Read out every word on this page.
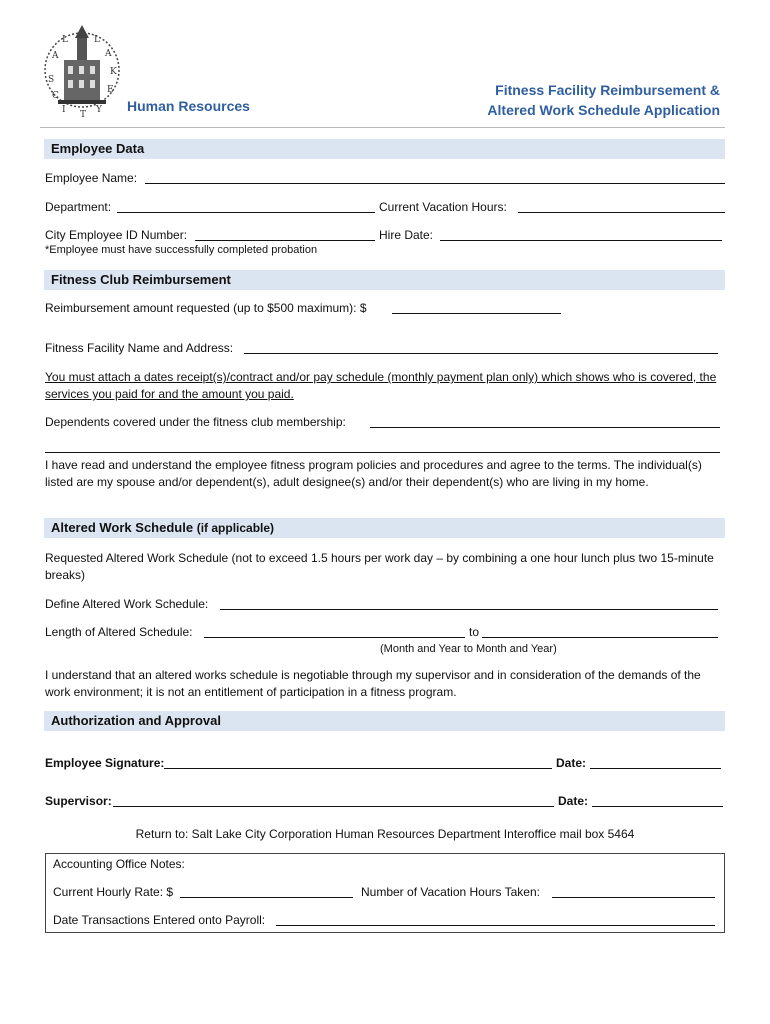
S
A
L	L
A
K
E
C
I	Y
T
Human Resources
Fitness Facility Reimbursement &
Altered Work Schedule Application
Employee Data
Employee Name:
Department:	Current Vacation Hours:
City Employee ID Number:	Hire Date:
*Employee must have successfully completed probation
Fitness Club Reimbursement
Reimbursement amount requested (up to $500 maximum): $
Fitness Facility Name and Address:
You must attach a dates receipt(s)/contract and/or pay schedule (monthly payment plan only) which shows who is covered, the services you paid for and the amount you paid.
Dependents covered under the fitness club membership:
I have read and understand the employee fitness program policies and procedures and agree to the terms. The individual(s) listed are my spouse and/or dependent(s), adult designee(s) and/or their dependent(s) who are living in my home.
Altered Work Schedule (if applicable)
Requested Altered Work Schedule (not to exceed 1.5 hours per work day – by combining a one hour lunch plus two 15-minute breaks)
Define Altered Work Schedule:
Length of Altered Schedule:	to
(Month and Year to Month and Year)
I understand that an altered works schedule is negotiable through my supervisor and in consideration of the demands of the work environment; it is not an entitlement of participation in a fitness program.
Authorization and Approval
Employee Signature:	Date:
Supervisor:	Date:
Return to: Salt Lake City Corporation Human Resources Department Interoffice mail box 5464
Accounting Office Notes:
Current Hourly Rate: $	Number of Vacation Hours Taken:
Date Transactions Entered onto Payroll:
